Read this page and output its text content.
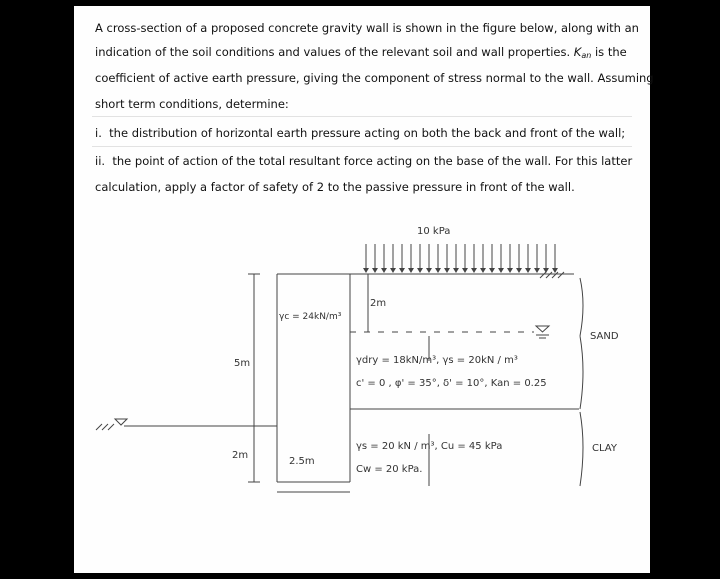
A cross-section of a proposed concrete gravity wall is shown in the figure below, along with an
indication of the soil conditions and values of the relevant soil and wall properties. $K_{an}$ is the
coefficient of active earth pressure, giving the component of stress normal to the wall. Assuming
short term conditions, determine:
i. the distribution of horizontal earth pressure acting on both the back and front of the wall;
ii. the point of action of the total resultant force acting on the base of the wall. For this latter
calculation, apply a factor of safety of 2 to the passive pressure in front of the wall.
10 kPa
γc = 24kN/m³
2m
5m
2m
2.5m
γdry = 18kN/m³, γs = 20kN / m³
c' = 0 , φ' = 35°, δ' = 10°, Kan = 0.25
γs = 20 kN / m³, Cu = 45 kPa
Cw = 20 kPa.
SAND
CLAY
